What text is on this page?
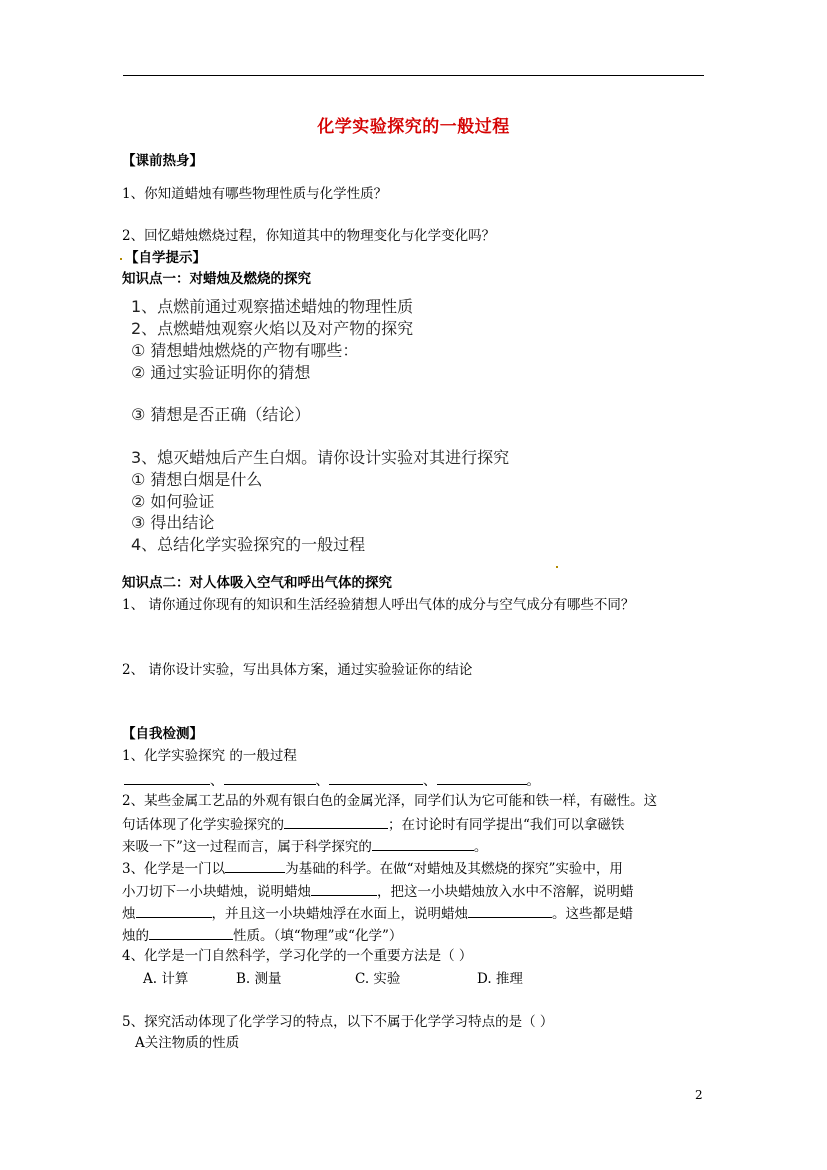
化学实验探究的一般过程
【课前热身】
1、你知道蜡烛有哪些物理性质与化学性质？
2、回忆蜡烛燃烧过程，你知道其中的物理变化与化学变化吗？
【自学提示】
知识点一：对蜡烛及燃烧的探究
1、点燃前通过观察描述蜡烛的物理性质
2、点燃蜡烛观察火焰以及对产物的探究
① 猜想蜡烛燃烧的产物有哪些：
② 通过实验证明你的猜想
③ 猜想是否正确（结论）
3、熄灭蜡烛后产生白烟。请你设计实验对其进行探究
① 猜想白烟是什么
② 如何验证
③ 得出结论
4、总结化学实验探究的一般过程
知识点二：对人体吸入空气和呼出气体的探究
1、 请你通过你现有的知识和生活经验猜想人呼出气体的成分与空气成分有哪些不同？
2、 请你设计实验，写出具体方案，通过实验验证你的结论
【自我检测】
1、化学实验探究 的一般过程
、	、	、	。
2、某些金属工艺品的外观有银白色的金属光泽，同学们认为它可能和铁一样，有磁性。这
句话体现了化学实验探究的	；在讨论时有同学提出“我们可以拿磁铁
来吸一下”这一过程而言，属于科学探究的	。
3、化学是一门以	为基础的科学。在做“对蜡烛及其燃烧的探究”实验中，用
小刀切下一小块蜡烛，说明蜡烛	，把这一小块蜡烛放入水中不溶解，说明蜡
烛	，并且这一小块蜡烛浮在水面上，说明蜡烛	。这些都是蜡
烛的	性质。（填“物理”或“化学”）
4、化学是一门自然科学，学习化学的一个重要方法是（ ）
A. 计算	B. 测量	C. 实验	D. 推理
5、探究活动体现了化学学习的特点，以下不属于化学学习特点的是（ ）
A关注物质的性质
2
